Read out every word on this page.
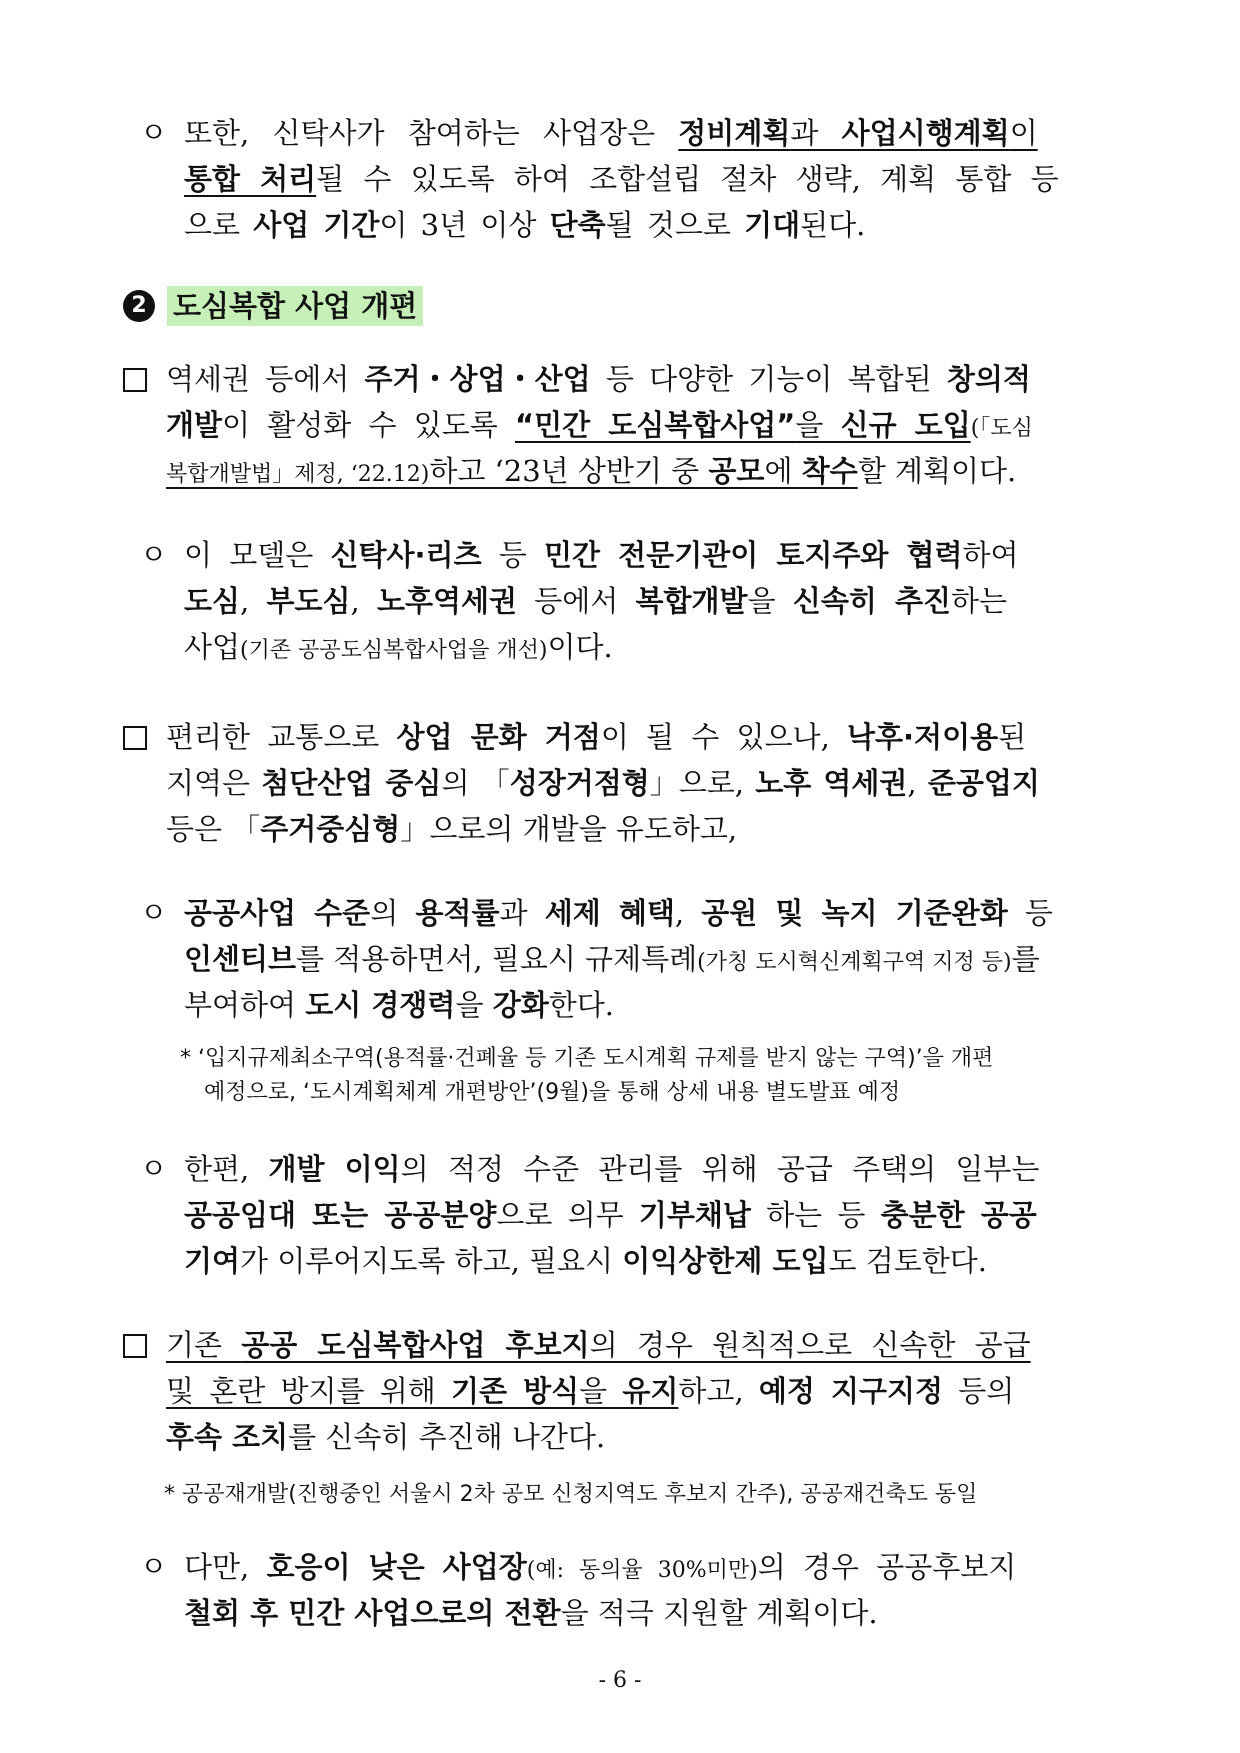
ㅇ 또한, 신탁사가 참여하는 사업장은 정비계획과 사업시행계획이
통합 처리될 수 있도록 하여 조합설립 절차 생략, 계획 통합 등
으로 사업 기간이 3년 이상 단축될 것으로 기대된다.
2 도심복합 사업 개편
역세권 등에서 주거・상업・산업 등 다양한 기능이 복합된 창의적
개발이 활성화 수 있도록 “민간 도심복합사업”을 신규 도입(「도심
복합개발법」제정, ‘22.12)하고 ‘23년 상반기 중 공모에 착수할 계획이다.
ㅇ 이 모델은 신탁사·리츠 등 민간 전문기관이 토지주와 협력하여
도심, 부도심, 노후역세권 등에서 복합개발을 신속히 추진하는
사업(기존 공공도심복합사업을 개선)이다.
편리한 교통으로 상업 문화 거점이 될 수 있으나, 낙후·저이용된
지역은 첨단산업 중심의 「성장거점형」으로, 노후 역세권, 준공업지
등은 「주거중심형」으로의 개발을 유도하고,
ㅇ 공공사업 수준의 용적률과 세제 혜택, 공원 및 녹지 기준완화 등
인센티브를 적용하면서, 필요시 규제특례(가칭 도시혁신계획구역 지정 등)를
부여하여 도시 경쟁력을 강화한다.
* ‘입지규제최소구역(용적률·건폐율 등 기존 도시계획 규제를 받지 않는 구역)’을 개편
예정으로, ‘도시계획체계 개편방안’(9월)을 통해 상세 내용 별도발표 예정
ㅇ 한편, 개발 이익의 적정 수준 관리를 위해 공급 주택의 일부는
공공임대 또는 공공분양으로 의무 기부채납 하는 등 충분한 공공
기여가 이루어지도록 하고, 필요시 이익상한제 도입도 검토한다.
기존 공공 도심복합사업 후보지의 경우 원칙적으로 신속한 공급
및 혼란 방지를 위해 기존 방식을 유지하고, 예정 지구지정 등의
후속 조치를 신속히 추진해 나간다.
* 공공재개발(진행중인 서울시 2차 공모 신청지역도 후보지 간주), 공공재건축도 동일
ㅇ 다만, 호응이 낮은 사업장(예: 동의율 30%미만)의 경우 공공후보지
철회 후 민간 사업으로의 전환을 적극 지원할 계획이다.
- 6 -
